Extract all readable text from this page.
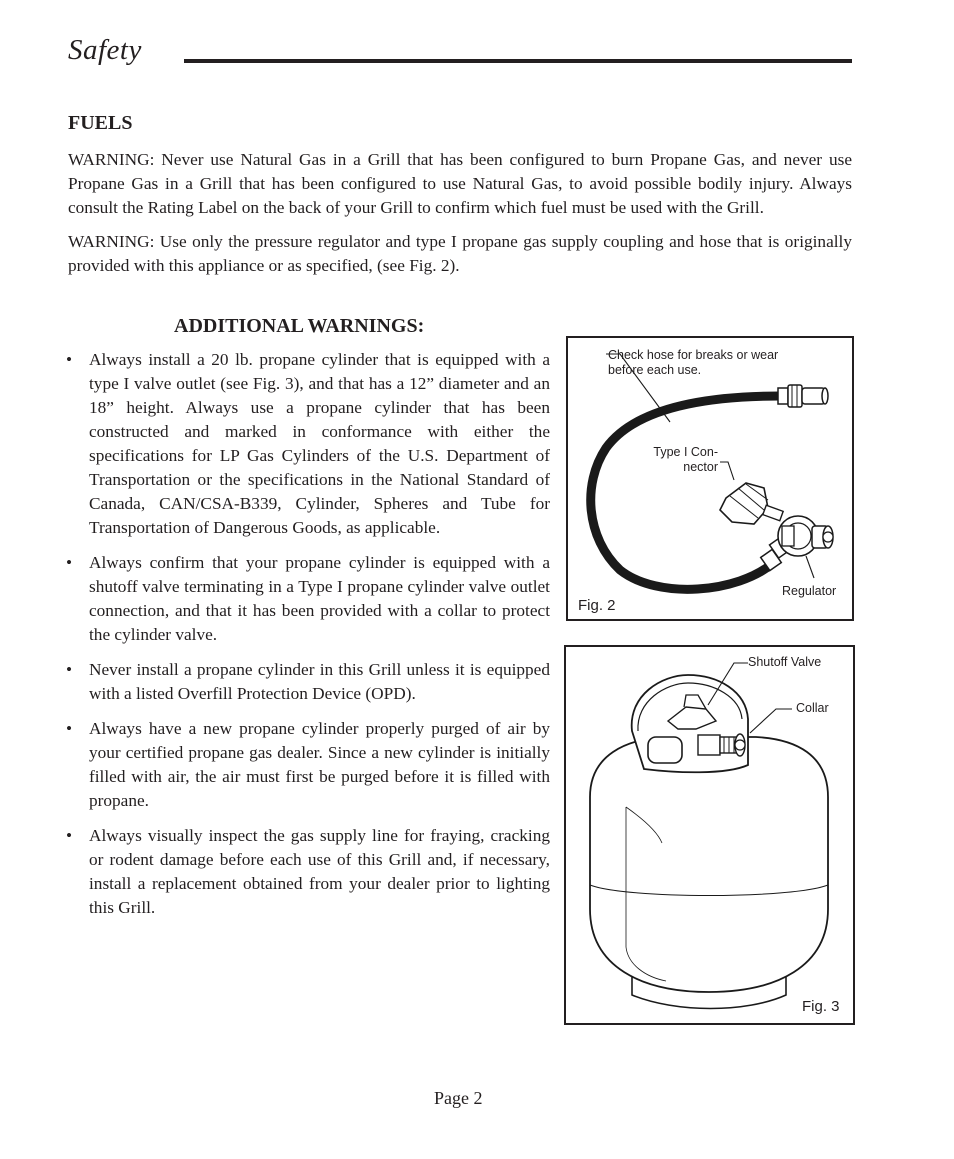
Safety
FUELS

WARNING: Never use Natural Gas in a Grill that has been configured to burn Propane Gas, and never use Propane Gas in a Grill that has been configured to use Natural Gas, to avoid possible bodily injury. Always consult the Rating Label on the back of your Grill to confirm which fuel must be used with the Grill.

WARNING: Use only the pressure regulator and type I propane gas supply coupling and hose that is originally provided with this appliance or as specified, (see Fig. 2).

ADDITIONAL WARNINGS:
• Always install a 20 lb. propane cylinder that is equipped with a type I valve outlet (see Fig. 3), and that has a 12” diameter and an 18” height. Always use a propane cylinder that has been constructed and marked in conformance with either the specifications for LP Gas Cylinders of the U.S. Department of Transportation or the specifications in the National Standard of Canada, CAN/CSA-B339, Cylinder, Spheres and Tube for Transportation of Dangerous Goods, as applicable.
• Always confirm that your propane cylinder is equipped with a shutoff valve terminating in a Type I propane cylinder valve outlet connection, and that it has been provided with a collar to protect the cylinder valve.
• Never install a propane cylinder in this Grill unless it is equipped with a listed Overfill Protection Device (OPD).
• Always have a new propane cylinder properly purged of air by your certified propane gas dealer. Since a new cylinder is initially filled with air, the air must first be purged before it is filled with propane.
• Always visually inspect the gas supply line for fraying, cracking or rodent damage before each use of this Grill and, if necessary, install a replacement obtained from your dealer prior to lighting this Grill.
Check hose for breaks or wear
before each use.
Type I Con-
nector
Regulator
Fig. 2
Shutoff Valve
Collar
Fig. 3
Page 2
